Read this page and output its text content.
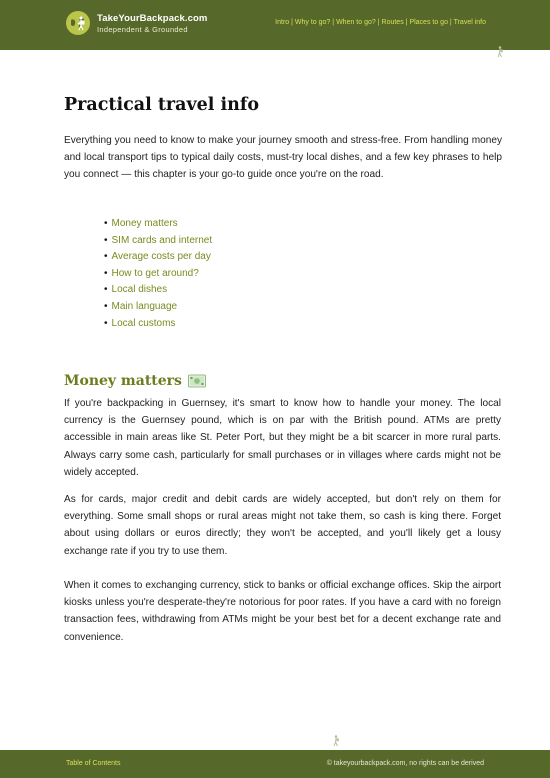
TakeYourBackpack.com
Independent & Grounded
Intro | Why to go? | When to go? | Routes | Places to go | Travel info
Practical travel info

Everything you need to know to make your journey smooth and stress-free. From handling money and local transport tips to typical daily costs, must-try local dishes, and a few key phrases to help you connect — this chapter is your go-to guide once you're on the road.

• Money matters
• SIM cards and internet
• Average costs per day
• How to get around?
• Local dishes
• Main language
• Local customs
Money matters

If you're backpacking in Guernsey, it's smart to know how to handle your money. The local currency is the Guernsey pound, which is on par with the British pound. ATMs are pretty accessible in main areas like St. Peter Port, but they might be a bit scarcer in more rural parts. Always carry some cash, particularly for small purchases or in villages where cards might not be widely accepted.

As for cards, major credit and debit cards are widely accepted, but don't rely on them for everything. Some small shops or rural areas might not take them, so cash is king there. Forget about using dollars or euros directly; they won't be accepted, and you'll likely get a lousy exchange rate if you try to use them.

When it comes to exchanging currency, stick to banks or official exchange offices. Skip the airport kiosks unless you're desperate-they're notorious for poor rates. If you have a card with no foreign transaction fees, withdrawing from ATMs might be your best bet for a decent exchange rate and convenience.

Table of Contents	© takeyourbackpack.com, no rights can be derived
